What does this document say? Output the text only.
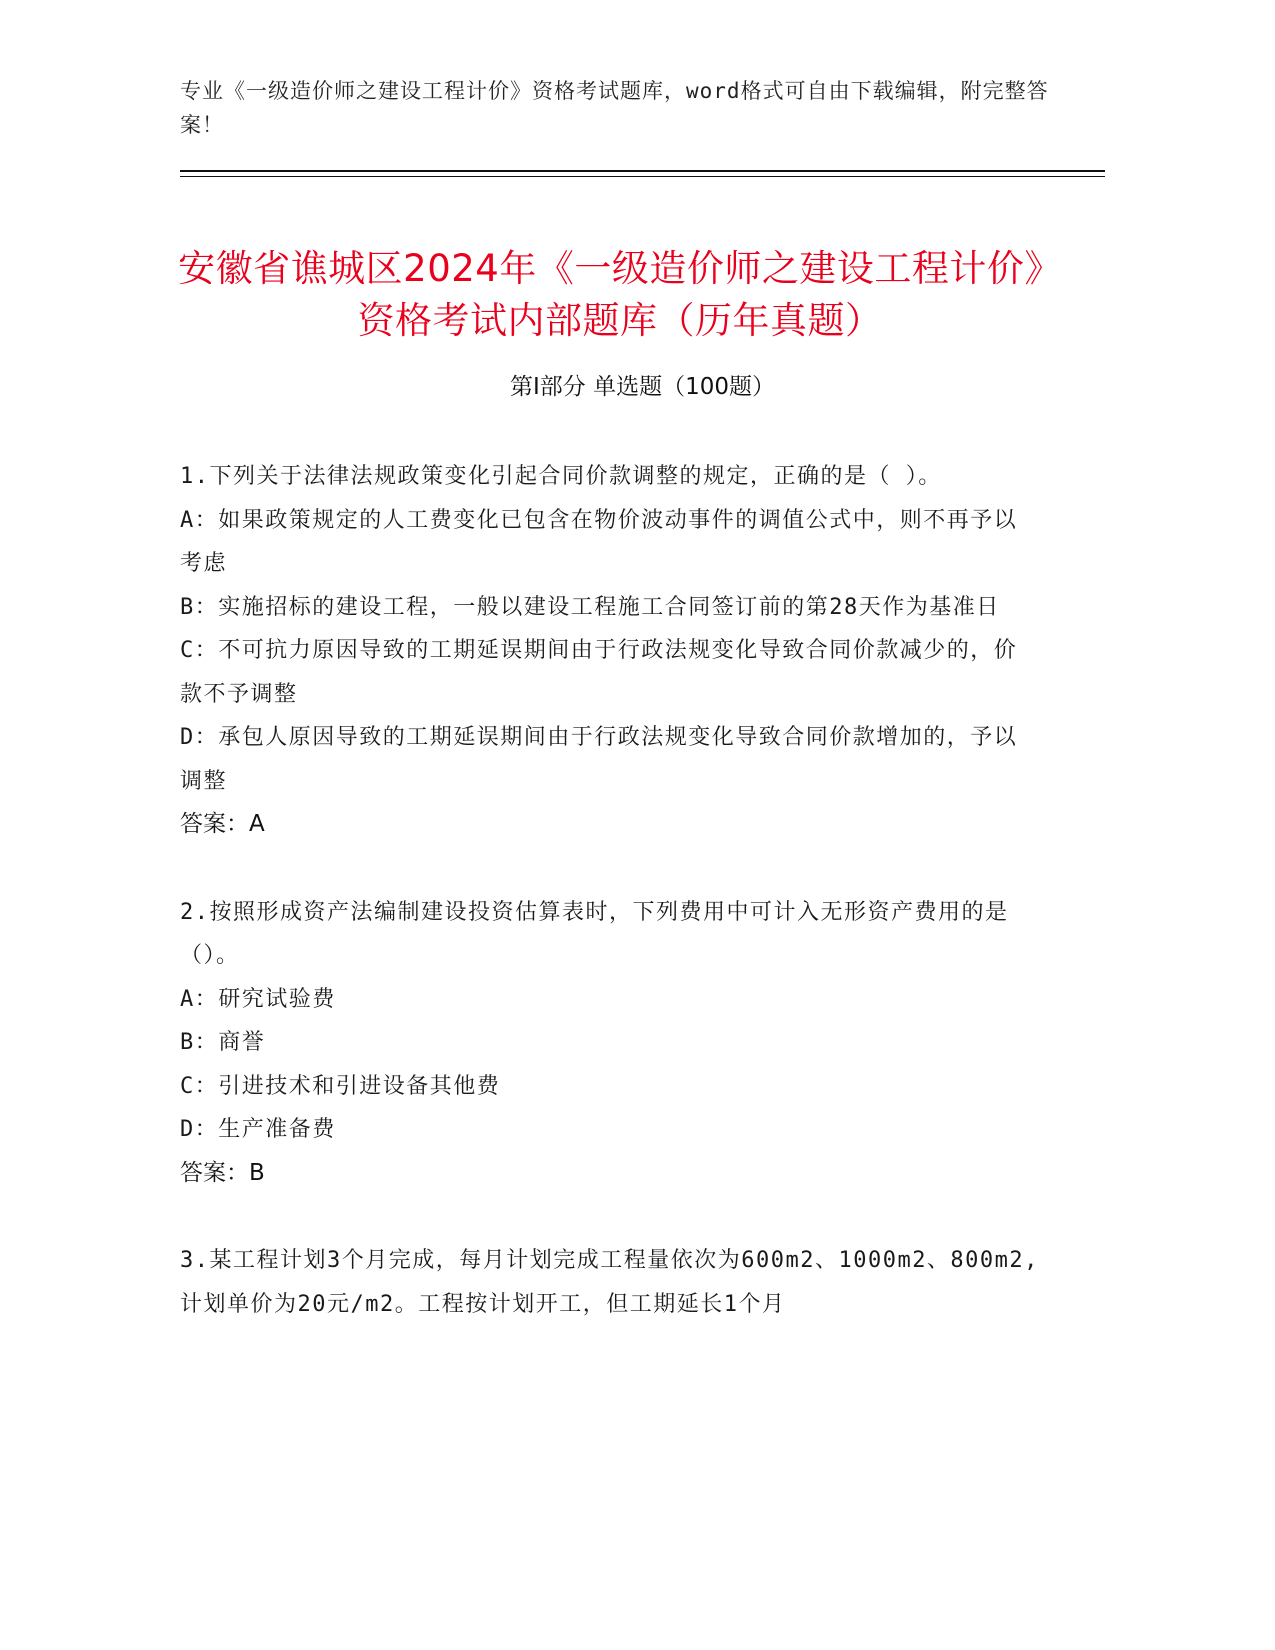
专业《一级造价师之建设工程计价》资格考试题库，word格式可自由下载编辑，附完整答案！
安徽省谯城区2024年《一级造价师之建设工程计价》资格考试内部题库（历年真题）
第I部分 单选题（100题）

1.下列关于法律法规政策变化引起合同价款调整的规定，正确的是（ ）。

A：如果政策规定的人工费变化已包含在物价波动事件的调值公式中，则不再予以考虑

B：实施招标的建设工程，一般以建设工程施工合同签订前的第28天作为基准日

C：不可抗力原因导致的工期延误期间由于行政法规变化导致合同价款减少的，价款不予调整

D：承包人原因导致的工期延误期间由于行政法规变化导致合同价款增加的，予以调整

答案：A

2.按照形成资产法编制建设投资估算表时，下列费用中可计入无形资产费用的是（）。

A：研究试验费

B：商誉

C：引进技术和引进设备其他费

D：生产准备费

答案：B

3.某工程计划3个月完成，每月计划完成工程量依次为600m2、1000m2、800m2,计划单价为20元/m2。工程按计划开工，但工期延长1个月
